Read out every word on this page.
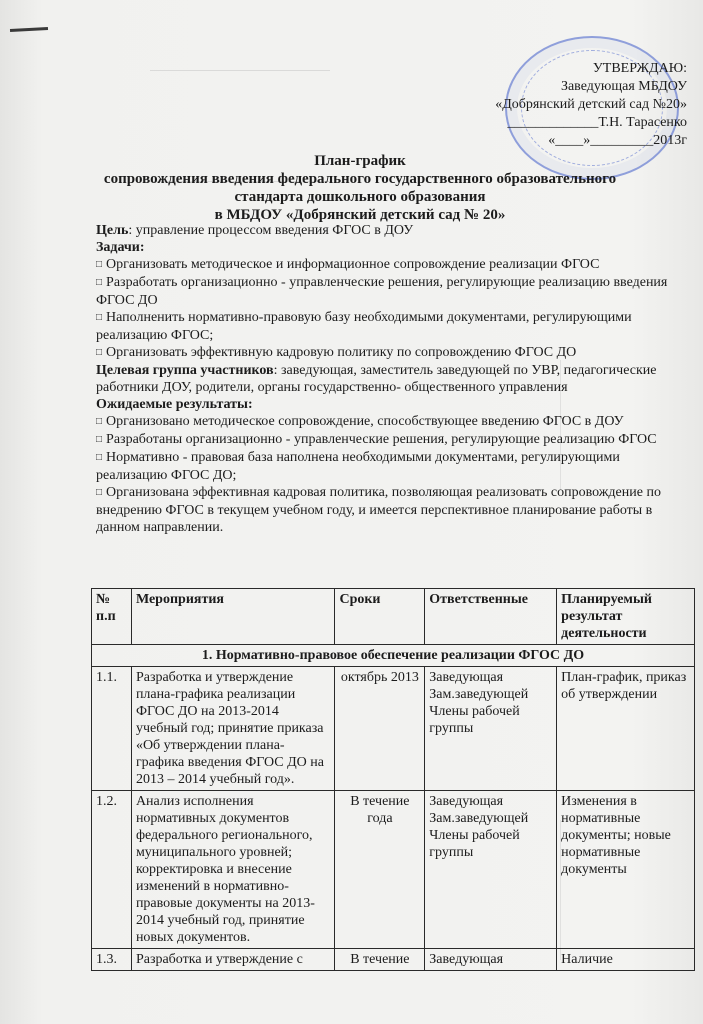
УТВЕРЖДАЮ:
Заведующая МБДОУ
«Добрянский детский сад №20»
_____________Т.Н. Тарасенко
«____»_________2013г
План-график
сопровождения введения федерального государственного образовательного
стандарта дошкольного образования
в МБДОУ «Добрянский детский сад № 20»

Цель: управление процессом введения ФГОС в ДОУ

Задачи:

□ Организовать методическое и информационное сопровождение реализации ФГОС

□ Разработать организационно - управленческие решения, регулирующие реализацию введения ФГОС ДО

□ Наполненить нормативно-правовую базу необходимыми документами, регулирующими реализацию ФГОС;

□ Организовать эффективную кадровую политику по сопровождению ФГОС ДО

Целевая группа участников: заведующая, заместитель заведующей по УВР, педагогические работники ДОУ, родители, органы государственно- общественного управления

Ожидаемые результаты:

□ Организовано методическое сопровождение, способствующее введению ФГОС в ДОУ

□ Разработаны организационно - управленческие решения, регулирующие реализацию ФГОС

□ Нормативно - правовая база наполнена необходимыми документами, регулирующими реализацию ФГОС ДО;

□ Организована эффективная кадровая политика, позволяющая реализовать сопровождение по внедрению ФГОС в текущем учебном году, и имеется перспективное планирование работы в данном направлении.

№ п.п	Мероприятия	Сроки	Ответственные	Планируемый результат деятельности
1. Нормативно-правовое обеспечение реализации ФГОС ДО				
1.1.	Разработка и утверждение плана-графика реализации ФГОС ДО на 2013-2014 учебный год; принятие приказа «Об утверждении плана-графика введения ФГОС ДО на 2013 – 2014 учебный год».	октябрь 2013	Заведующая Зам.заведующей Члены рабочей группы	План-график, приказ об утверждении
1.2.	Анализ исполнения нормативных документов федерального регионального, муниципального уровней; корректировка и внесение изменений в нормативно-правовые документы на 2013-2014 учебный год, принятие новых документов.	В течение года	Заведующая Зам.заведующей Члены рабочей группы	Изменения в нормативные документы; новые нормативные документы
1.3.	Разработка и утверждение с	В течение	Заведующая	Наличие
